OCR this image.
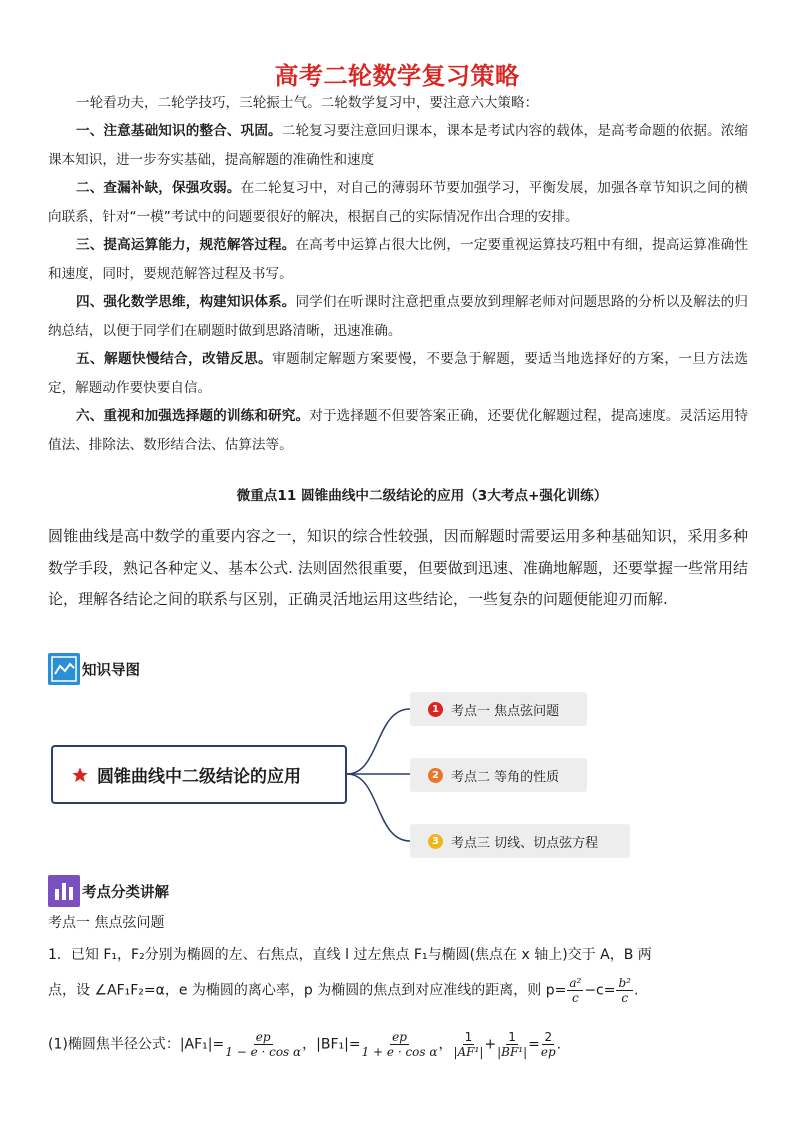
高考二轮数学复习策略
一轮看功夫，二轮学技巧，三轮振士气。二轮数学复习中，要注意六大策略：
一、注意基础知识的整合、巩固。二轮复习要注意回归课本，课本是考试内容的载体，是高考命题的依据。浓缩课本知识，进一步夯实基础，提高解题的准确性和速度
二、查漏补缺，保强攻弱。在二轮复习中，对自己的薄弱环节要加强学习，平衡发展，加强各章节知识之间的横向联系，针对“一模”考试中的问题要很好的解决，根据自己的实际情况作出合理的安排。
三、提高运算能力，规范解答过程。在高考中运算占很大比例，一定要重视运算技巧粗中有细，提高运算准确性和速度，同时，要规范解答过程及书写。
四、强化数学思维，构建知识体系。同学们在听课时注意把重点要放到理解老师对问题思路的分析以及解法的归纳总结，以便于同学们在刷题时做到思路清晰，迅速准确。
五、解题快慢结合，改错反思。审题制定解题方案要慢，不要急于解题，要适当地选择好的方案，一旦方法选定，解题动作要快要自信。
六、重视和加强选择题的训练和研究。对于选择题不但要答案正确，还要优化解题过程，提高速度。灵活运用特值法、排除法、数形结合法、估算法等。
微重点11 圆锥曲线中二级结论的应用（3大考点+强化训练）
圆锥曲线是高中数学的重要内容之一，知识的综合性较强，因而解题时需要运用多种基础知识，采用多种数学手段，熟记各种定义、基本公式. 法则固然很重要，但要做到迅速、准确地解题，还要掌握一些常用结论，理解各结论之间的联系与区别，正确灵活地运用这些结论，一些复杂的问题便能迎刃而解.
知识导图
圆锥曲线中二级结论的应用
1 考点一 焦点弦问题
2 考点二 等角的性质
3 考点三 切线、切点弦方程
考点分类讲解
考点一 焦点弦问题
1．已知 F₁，F₂分别为椭圆的左、右焦点，直线 l 过左焦点 F₁与椭圆(焦点在 x 轴上)交于 A，B 两
点，设 ∠AF₁F₂=α，e 为椭圆的离心率，p 为椭圆的焦点到对应准线的距离，则 $p= \frac{\text{a²}}{c} -c= \frac{\text{b²}}{c}$ .
(1)椭圆焦半径公式：$|AF_1|= \frac{ep}{\text{1 − e · cos α}}$ ，$|BF_1|= \frac{ep}{\text{1 + e · cos α}}$ ， $\frac{1}{\text{|AF¹|}} + \frac{1}{\text{|BF¹|}} = \frac{2}{ep}$ .
